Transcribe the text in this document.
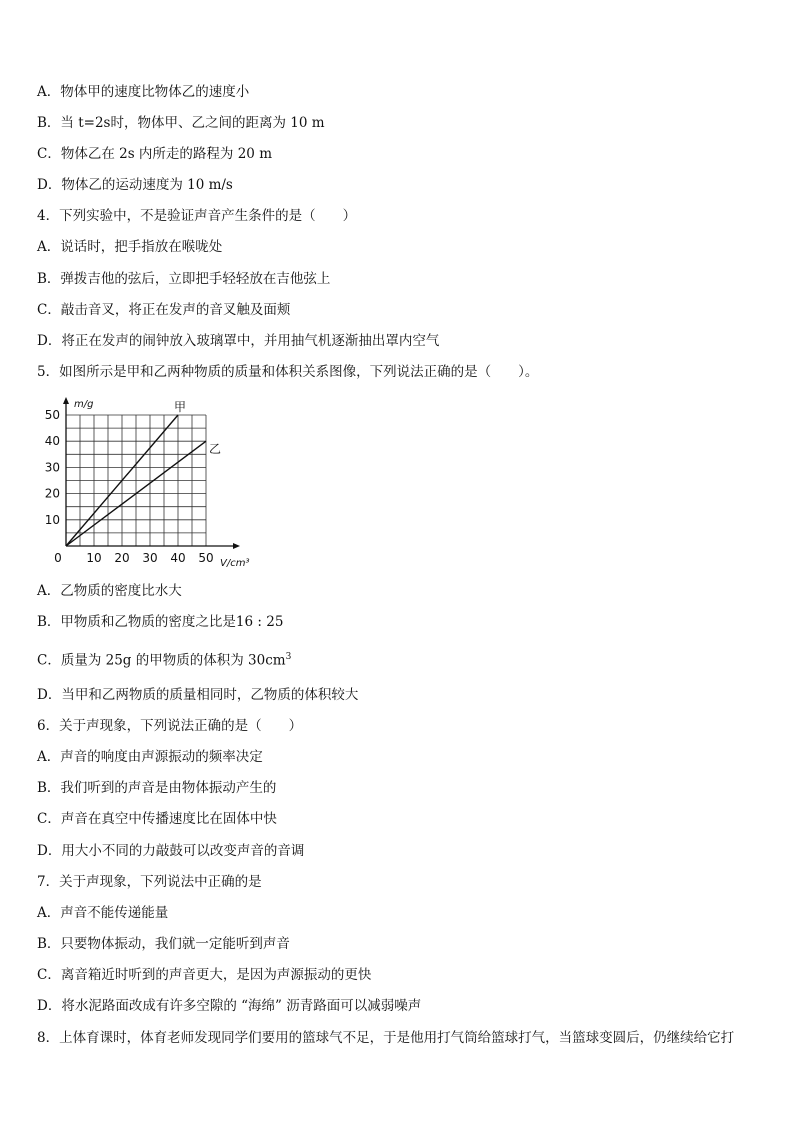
A．物体甲的速度比物体乙的速度小
B．当 t=2s时，物体甲、乙之间的距离为 10 m
C．物体乙在 2s 内所走的路程为 20 m
D．物体乙的运动速度为 10 m/s
4．下列实验中，不是验证声音产生条件的是（　　）
A．说话时，把手指放在喉咙处
B．弹拨吉他的弦后，立即把手轻轻放在吉他弦上
C．敲击音叉，将正在发声的音叉触及面颊
D．将正在发声的闹钟放入玻璃罩中，并用抽气机逐渐抽出罩内空气
5．如图所示是甲和乙两种物质的质量和体积关系图像，下列说法正确的是（　　）。
0 10 20 30 40 50
10
20
30
40
50
m/g
V/cm³
甲
乙
A．乙物质的密度比水大
B．甲物质和乙物质的密度之比是16 : 25
C．质量为 25g 的甲物质的体积为 $30cm^3$
D．当甲和乙两物质的质量相同时，乙物质的体积较大
6．关于声现象，下列说法正确的是（　　）
A．声音的响度由声源振动的频率决定
B．我们听到的声音是由物体振动产生的
C．声音在真空中传播速度比在固体中快
D．用大小不同的力敲鼓可以改变声音的音调
7．关于声现象，下列说法中正确的是
A．声音不能传递能量
B．只要物体振动，我们就一定能听到声音
C．离音箱近时听到的声音更大，是因为声源振动的更快
D．将水泥路面改成有许多空隙的 “海绵” 沥青路面可以减弱噪声
8．上体育课时，体育老师发现同学们要用的篮球气不足，于是他用打气筒给篮球打气，当篮球变圆后，仍继续给它打
